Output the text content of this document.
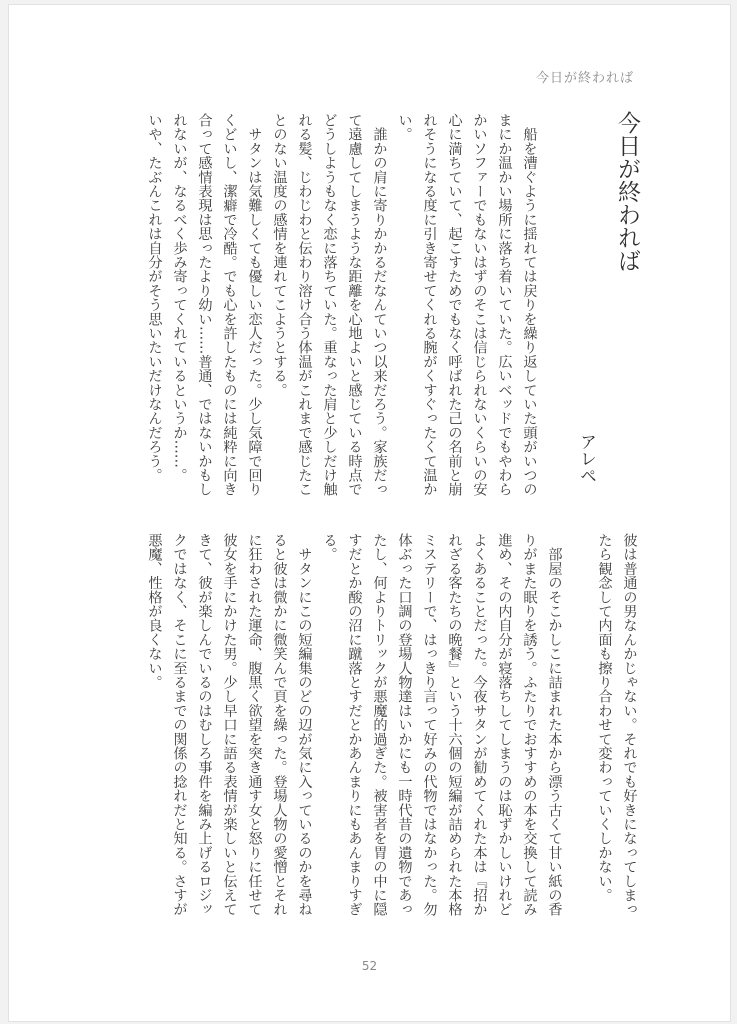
今日が終われば
今日が終われば
アレペ
　船を漕ぐように揺れては戻りを繰り返していた頭がいつの
まにか温かい場所に落ち着いていた。広いベッドでもやわら
かいソファーでもないはずのそこは信じられないくらいの安
心に満ちていて、起こすためでもなく呼ばれた己の名前と崩
れそうになる度に引き寄せてくれる腕がくすぐったくて温か
い。
　誰かの肩に寄りかかるだなんていつ以来だろう。家族だっ
て遠慮してしまうような距離を心地よいと感じている時点で
どうしようもなく恋に落ちていた。重なった肩と少しだけ触
れる髪、じわじわと伝わり溶け合う体温がこれまで感じたこ
とのない温度の感情を連れてこようとする。
　サタンは気難しくても優しい恋人だった。少し気障で回り
くどいし、潔癖で冷酷。でも心を許したものには純粋に向き
合って感情表現は思ったより幼い……普通、ではないかもし
れないが、なるべく歩み寄ってくれているというか……。
いや、たぶんこれは自分がそう思いたいだけなんだろう。
彼は普通の男なんかじゃない。それでも好きになってしまっ
たら観念して内面も擦り合わせて変わっていくしかない。
　部屋のそこかしこに詰まれた本から漂う古くて甘い紙の香
りがまた眠りを誘う。ふたりでおすすめの本を交換して読み
進め、その内自分が寝落ちしてしまうのは恥ずかしいけれど
よくあることだった。今夜サタンが勧めてくれた本は『招か
れざる客たちの晩餐』という十六個の短編が詰められた本格
ミステリーで、はっきり言って好みの代物ではなかった。勿
体ぶった口調の登場人物達はいかにも一時代昔の遺物であっ
たし、何よりトリックが悪魔的過ぎた。被害者を胃の中に隠
すだとか酸の沼に蹴落とすだとかあんまりにもあんまりすぎ
る。
　サタンにこの短編集のどの辺が気に入っているのかを尋ね
ると彼は微かに微笑んで頁を繰った。登場人物の愛憎とそれ
に狂わされた運命、腹黒く欲望を突き通す女と怒りに任せて
彼女を手にかけた男。少し早口に語る表情が楽しいと伝えて
きて、彼が楽しんでいるのはむしろ事件を編み上げるロジッ
クではなく、そこに至るまでの関係の捻れだと知る。さすが
悪魔、性格が良くない。
52
